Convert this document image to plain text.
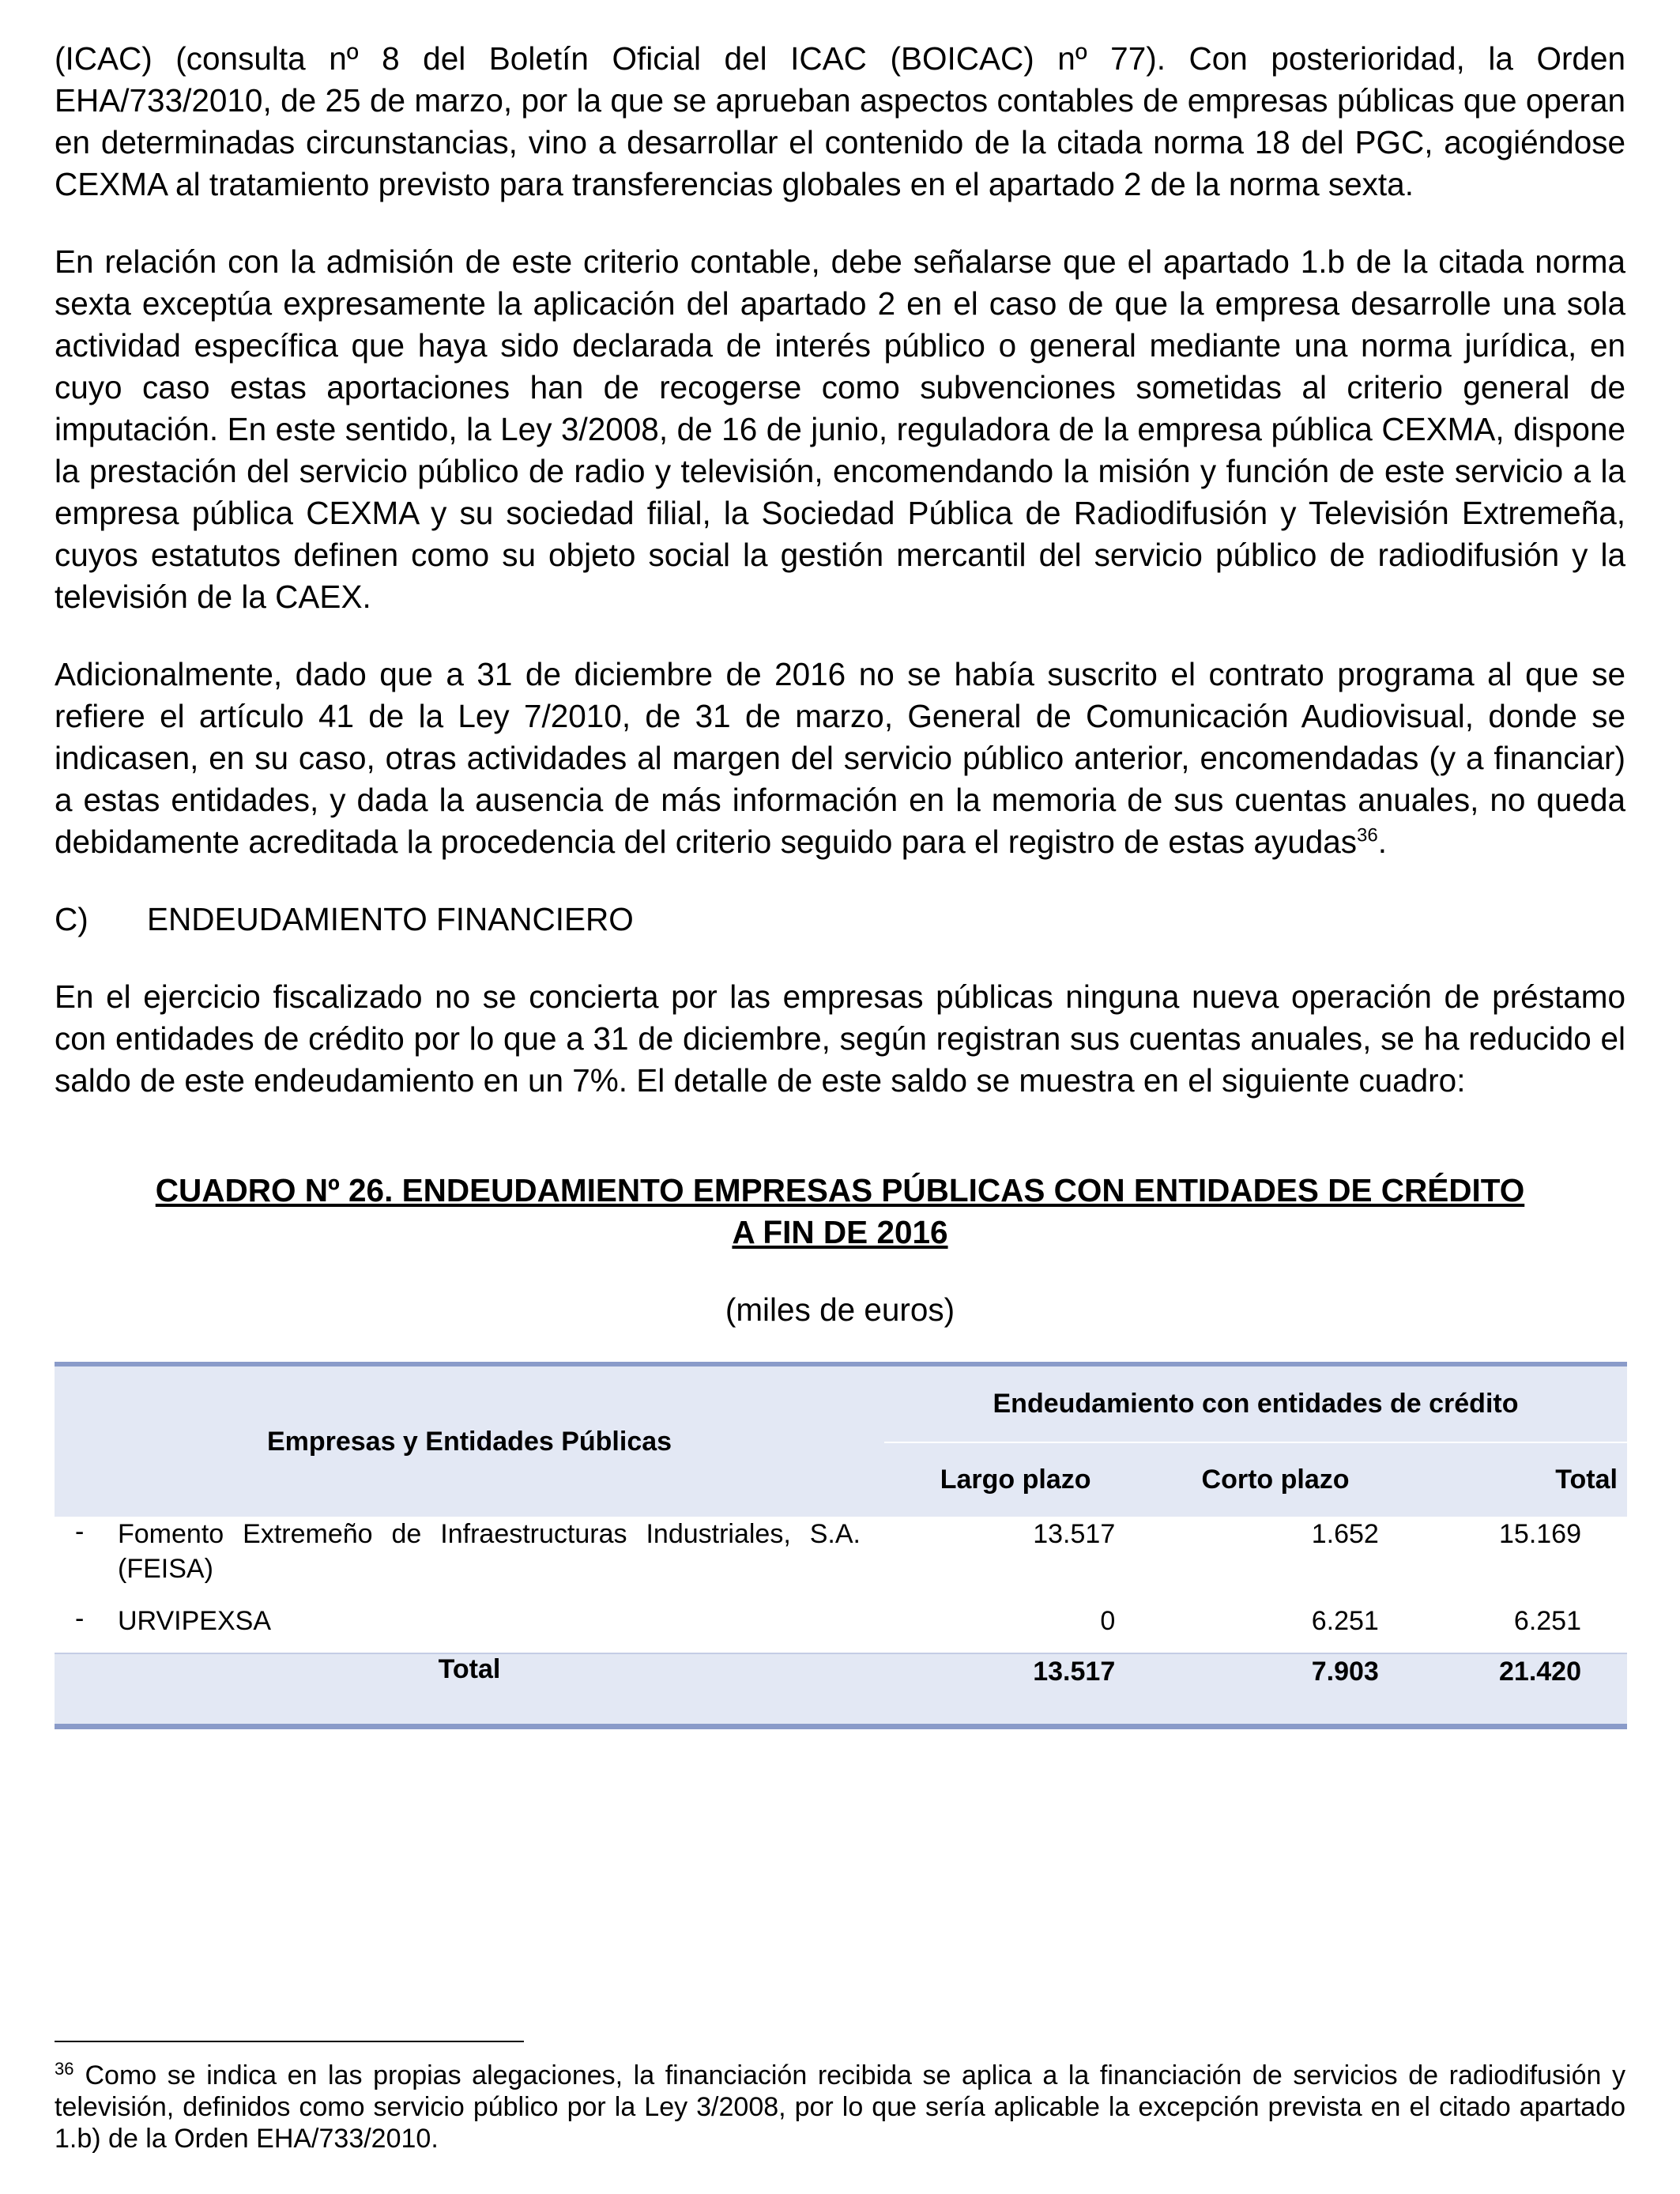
(ICAC) (consulta nº 8 del Boletín Oficial del ICAC (BOICAC) nº 77). Con posterioridad, la Orden EHA/733/2010, de 25 de marzo, por la que se aprueban aspectos contables de empresas públicas que operan en determinadas circunstancias, vino a desarrollar el contenido de la citada norma 18 del PGC, acogiéndose CEXMA al tratamiento previsto para transferencias globales en el apartado 2 de la norma sexta.

En relación con la admisión de este criterio contable, debe señalarse que el apartado 1.b de la citada norma sexta exceptúa expresamente la aplicación del apartado 2 en el caso de que la empresa desarrolle una sola actividad específica que haya sido declarada de interés público o general mediante una norma jurídica, en cuyo caso estas aportaciones han de recogerse como subvenciones sometidas al criterio general de imputación. En este sentido, la Ley 3/2008, de 16 de junio, reguladora de la empresa pública CEXMA, dispone la prestación del servicio público de radio y televisión, encomendando la misión y función de este servicio a la empresa pública CEXMA y su sociedad filial, la Sociedad Pública de Radiodifusión y Televisión Extremeña, cuyos estatutos definen como su objeto social la gestión mercantil del servicio público de radiodifusión y la televisión de la CAEX.

Adicionalmente, dado que a 31 de diciembre de 2016 no se había suscrito el contrato programa al que se refiere el artículo 41 de la Ley 7/2010, de 31 de marzo, General de Comunicación Audiovisual, donde se indicasen, en su caso, otras actividades al margen del servicio público anterior, encomendadas (y a financiar) a estas entidades, y dada la ausencia de más información en la memoria de sus cuentas anuales, no queda debidamente acreditada la procedencia del criterio seguido para el registro de estas ayudas$^{36}$.

C)	ENDEUDAMIENTO FINANCIERO

En el ejercicio fiscalizado no se concierta por las empresas públicas ninguna nueva operación de préstamo con entidades de crédito por lo que a 31 de diciembre, según registran sus cuentas anuales, se ha reducido el saldo de este endeudamiento en un 7%. El detalle de este saldo se muestra en el siguiente cuadro:

CUADRO Nº 26. ENDEUDAMIENTO EMPRESAS PÚBLICAS CON ENTIDADES DE CRÉDITO
A FIN DE 2016
(miles de euros)
Empresas y Entidades Públicas	Endeudamiento con entidades de crédito		
	Largo plazo	Corto plazo	Total

- Fomento Extremeño de Infraestructuras Industriales, S.A. (FEISA)	13.517	1.652	15.169

- URVIPEXSA	0	6.251	6.251
Total	13.517	7.903	21.420
$^{36}$ Como se indica en las propias alegaciones, la financiación recibida se aplica a la financiación de servicios de radiodifusión y televisión, definidos como servicio público por la Ley 3/2008, por lo que sería aplicable la excepción prevista en el citado apartado 1.b) de la Orden EHA/733/2010.
